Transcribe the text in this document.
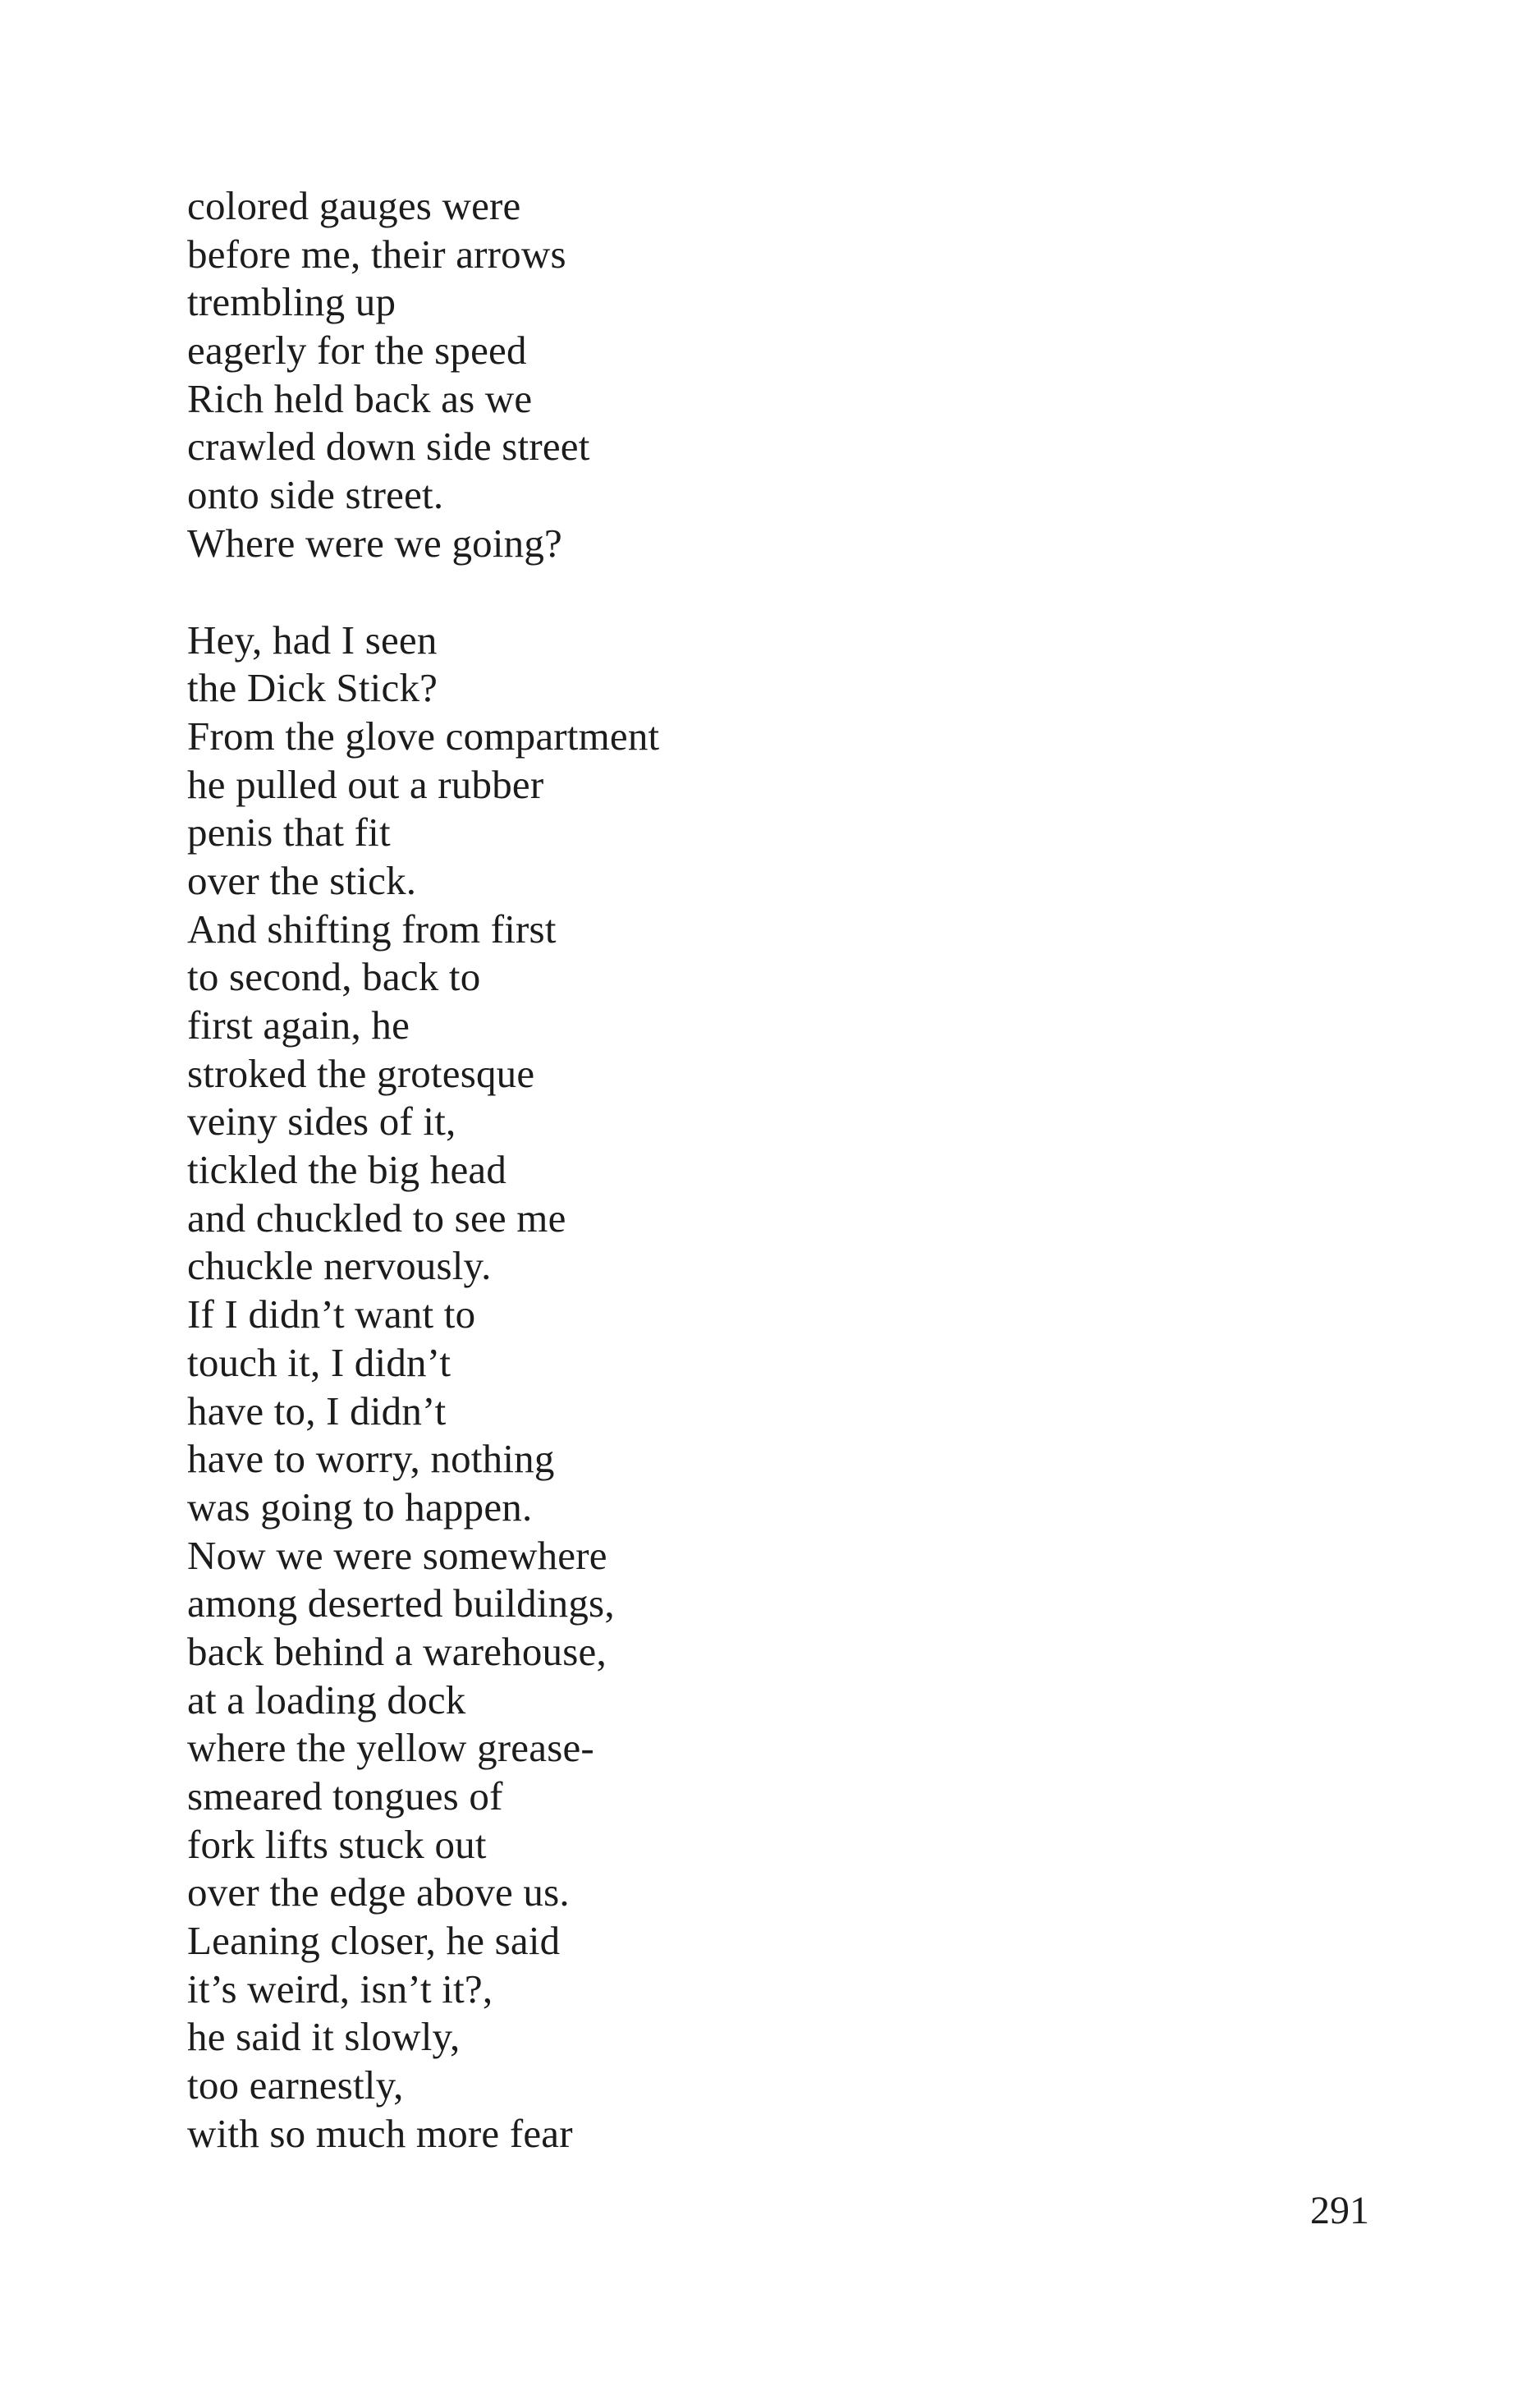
colored gauges were
before me, their arrows
trembling up
eagerly for the speed
Rich held back as we
crawled down side street
onto side street.
Where were we going?
Hey, had I seen
the Dick Stick?
From the glove compartment
he pulled out a rubber
penis that fit
over the stick.
And shifting from first
to second, back to
first again, he
stroked the grotesque
veiny sides of it,
tickled the big head
and chuckled to see me
chuckle nervously.
If I didn’t want to
touch it, I didn’t
have to, I didn’t
have to worry, nothing
was going to happen.
Now we were somewhere
among deserted buildings,
back behind a warehouse,
at a loading dock
where the yellow grease-
smeared tongues of
fork lifts stuck out
over the edge above us.
Leaning closer, he said
it’s weird, isn’t it?,
he said it slowly,
too earnestly,
with so much more fear
291
